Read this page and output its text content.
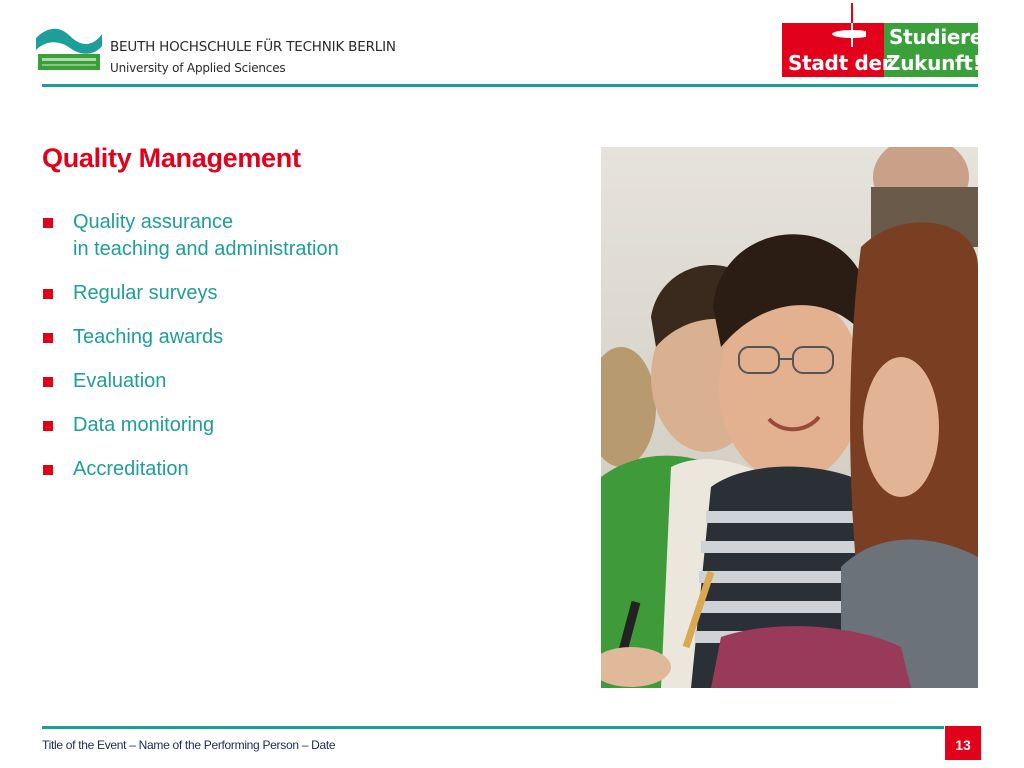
BEUTH HOCHSCHULE FÜR TECHNIK BERLIN
University of Applied Sciences
Studiere
Stadt der
Zukunft!
Quality Management
Quality assurance
in teaching and administration
Regular surveys
Teaching awards
Evaluation
Data monitoring
Accreditation
Title of the Event – Name of the Performing Person – Date	13
